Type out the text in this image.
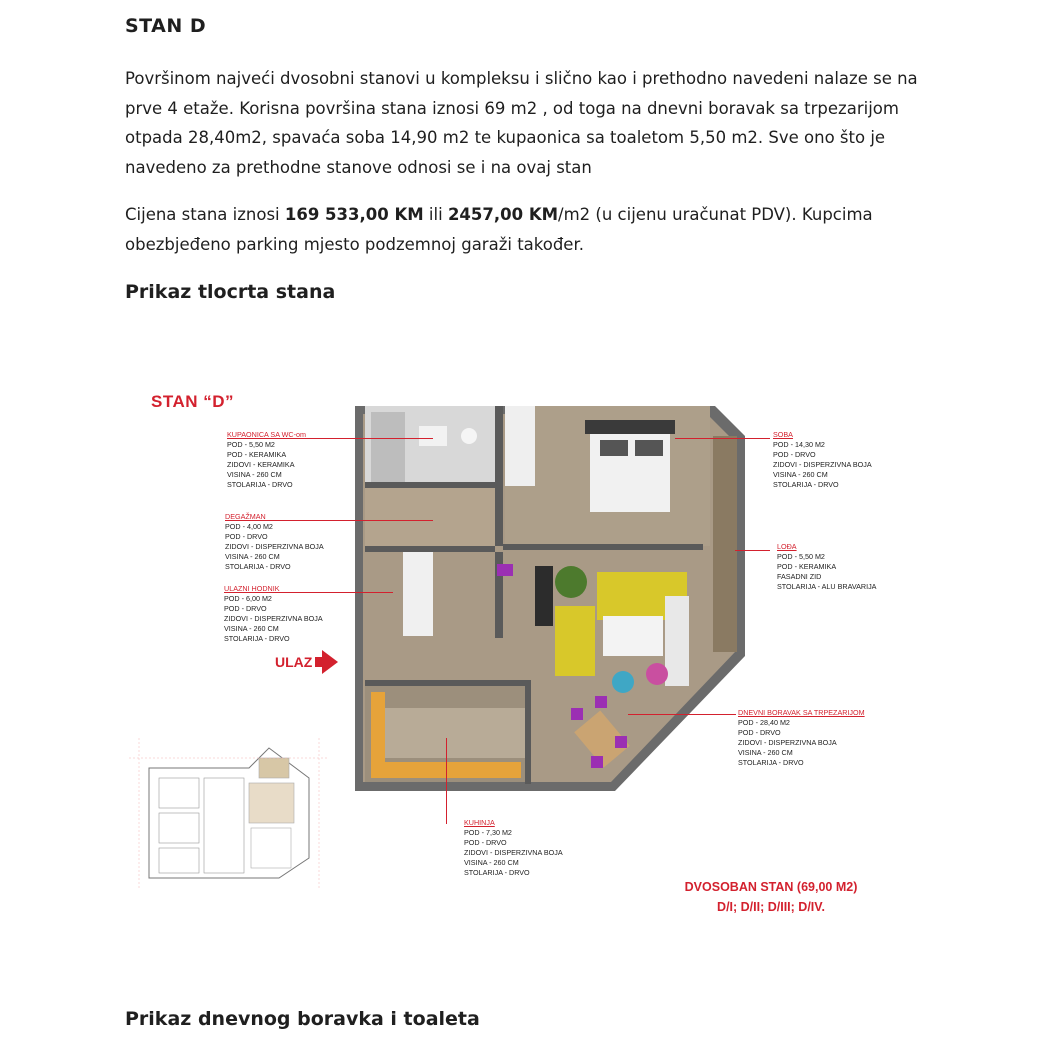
STAN D

Površinom najveći dvosobni stanovi u kompleksu i slično kao i prethodno navedeni nalaze se na prve 4 etaže. Korisna površina stana iznosi 69 m2 , od toga na dnevni boravak sa trpezarijom otpada 28,40m2, spavaća soba 14,90 m2 te kupaonica sa toaletom 5,50 m2. Sve ono što je navedeno za prethodne stanove odnosi se i na ovaj stan

Cijena stana iznosi 169 533,00 KM ili 2457,00 KM/m2 (u cijenu uračunat PDV). Kupcima obezbjeđeno parking mjesto podzemnoj garaži također.

Prikaz tlocrta stana
STAN “D”
KUPAONICA SA WC-om
POD - 5,50 M2
POD - KERAMIKA
ZIDOVI - KERAMIKA
VISINA - 260 CM
STOLARIJA - DRVO
DEGAŽMAN
POD - 4,00 M2
POD - DRVO
ZIDOVI - DISPERZIVNA BOJA
VISINA - 260 CM
STOLARIJA - DRVO
ULAZNI HODNIK
POD - 6,00 M2
POD - DRVO
ZIDOVI - DISPERZIVNA BOJA
VISINA - 260 CM
STOLARIJA - DRVO
SOBA
POD - 14,30 M2
POD - DRVO
ZIDOVI - DISPERZIVNA BOJA
VISINA - 260 CM
STOLARIJA - DRVO
LOĐA
POD - 5,50 M2
POD - KERAMIKA
FASADNI ZID
STOLARIJA - ALU BRAVARIJA
DNEVNI BORAVAK SA TRPEZARIJOM
POD - 28,40 M2
POD - DRVO
ZIDOVI - DISPERZIVNA BOJA
VISINA - 260 CM
STOLARIJA - DRVO
KUHINJA
POD - 7,30 M2
POD - DRVO
ZIDOVI - DISPERZIVNA BOJA
VISINA - 260 CM
STOLARIJA - DRVO
ULAZ
DVOSOBAN STAN (69,00 M2)
D/I; D/II; D/III; D/IV.
Prikaz dnevnog boravka i toaleta
